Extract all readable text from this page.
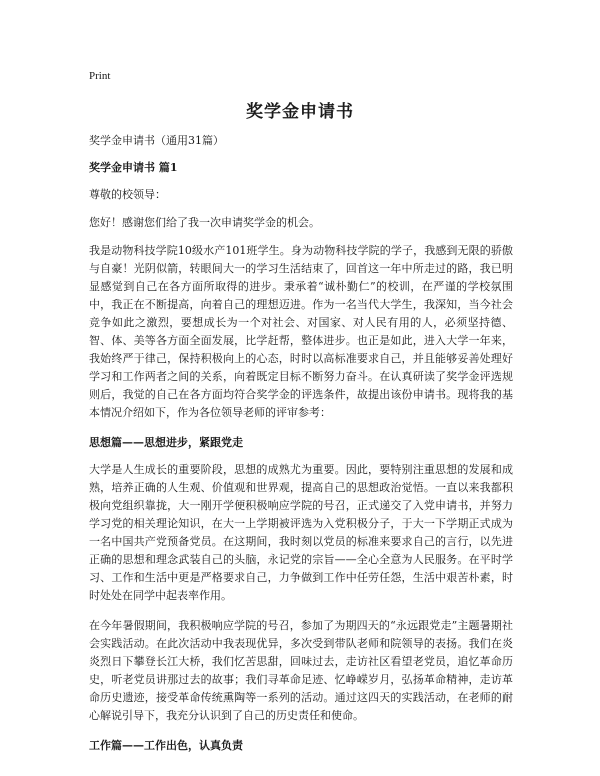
Print
奖学金申请书

奖学金申请书（通用31篇）

奖学金申请书 篇1

尊敬的校领导：

您好！感谢您们给了我一次申请奖学金的机会。

我是动物科技学院10级水产101班学生。身为动物科技学院的学子，我感到无限的骄傲与自豪！光阴似箭，转眼间大一的学习生活结束了，回首这一年中所走过的路，我已明显感觉到自己在各方面所取得的进步。秉承着“诚朴勤仁”的校训，在严谨的学校氛围中，我正在不断提高，向着自己的理想迈进。作为一名当代大学生，我深知，当今社会竞争如此之激烈，要想成长为一个对社会、对国家、对人民有用的人，必须坚持德、智、体、美等各方面全面发展，比学赶帮，整体进步。也正是如此，进入大学一年来，我始终严于律己，保持积极向上的心态，时时以高标准要求自己，并且能够妥善处理好学习和工作两者之间的关系，向着既定目标不断努力奋斗。在认真研读了奖学金评选规则后，我觉的自己在各方面均符合奖学金的评选条件，故提出该份申请书。现将我的基本情况介绍如下，作为各位领导老师的评审参考：

思想篇——思想进步，紧跟党走

大学是人生成长的重要阶段，思想的成熟尤为重要。因此，要特别注重思想的发展和成熟，培养正确的人生观、价值观和世界观，提高自己的思想政治觉悟。一直以来我都积极向党组织靠拢，大一刚开学便积极响应学院的号召，正式递交了入党申请书，并努力学习党的相关理论知识，在大一上学期被评选为入党积极分子，于大一下学期正式成为一名中国共产党预备党员。在这期间，我时刻以党员的标准来要求自己的言行，以先进正确的思想和理念武装自己的头脑，永记党的宗旨——全心全意为人民服务。在平时学习、工作和生活中更是严格要求自己，力争做到工作中任劳任怨，生活中艰苦朴素，时时处处在同学中起表率作用。

在今年暑假期间，我积极响应学院的号召，参加了为期四天的“永远跟党走”主题暑期社会实践活动。在此次活动中我表现优异，多次受到带队老师和院领导的表扬。我们在炎炎烈日下攀登长江大桥，我们忆苦思甜，回味过去，走访社区看望老党员，追忆革命历史，听老党员讲那过去的故事；我们寻革命足迹、忆峥嵘岁月，弘扬革命精神，走访革命历史遗迹，接受革命传统熏陶等一系列的活动。通过这四天的实践活动，在老师的耐心解说引导下，我充分认识到了自己的历史责任和使命。

工作篇——工作出色，认真负责
